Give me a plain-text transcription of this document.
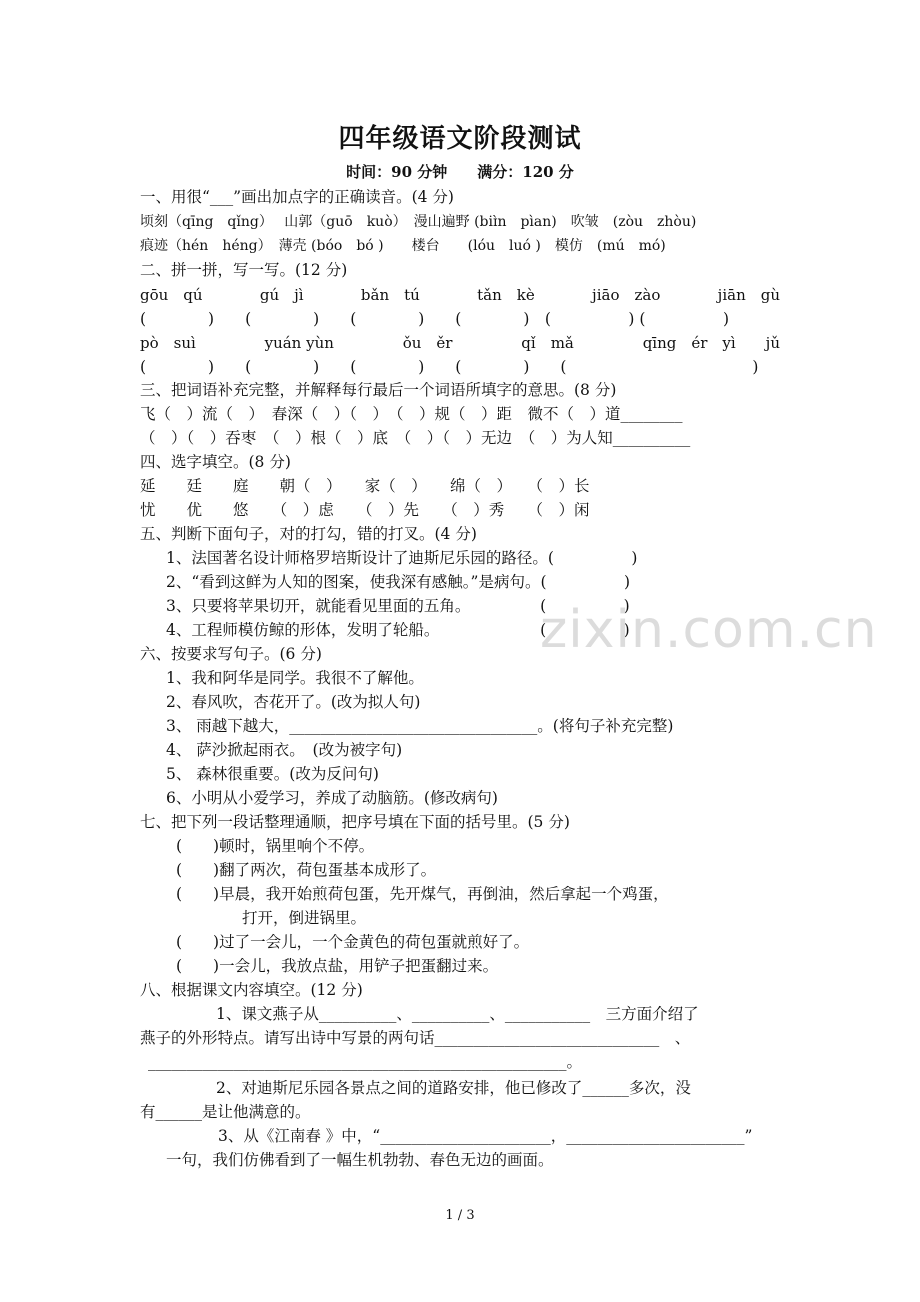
四年级语文阶段测试
时间：90 分钟　　满分：120 分
一、用很“___”画出加点字的正确读音。(4 分)
顷刻（qīng　qǐng）　 山郭（guō　kuò）　漫山遍野 (biɪ̀n　pìan)　吹皱　(zòu　zhòu)
痕迹（hén　héng）　薄壳 (bóo　bó )　　楼台　　(lóu　luó )　模仿　(mú　mó)
二、拼一拼，写一写。(12 分)
gōu　qú	gú　jì	bǎn　tú	tǎn　kè	jiāo　zào	jiān　gù
(　　　　)　　(　　　　)　　(　　　　)　　(　　　　)　(　　　　　) (　　　　　)
pò　suì	yuán yùn	ǒu　ěr	qǐ　mǎ	qīng　ér　yì　　jǔ
(　　　　)　　(　　　　)　　(　　　　)　　(　　　　)　　(　　　　　　　　　　　　)
三、把词语补充完整，并解释每行最后一个词语所填字的意思。(8 分)
飞（　）流（　）　春深（　）（　）　（　）规（　）距　微不（　）道________
（　）（　）吞枣　（　）根（　）底　（　）（　）无边　（　）为人知__________
四、选字填空。(8 分)
延　　廷　　庭　　朝（　）　　家（　）　　绵（　）　　（　）长
忧　　优　　悠　　（　）虑　　（　）先　　（　）秀　　（　）闲
五、判断下面句子，对的打勾，错的打叉。(4 分)
1、法国著名设计师格罗培斯设计了迪斯尼乐园的路径。(　　　　　)
2、“看到这鲜为人知的图案，使我深有感触。”是病句。(　　　　　)
3、只要将苹果切开，就能看见里面的五角。　　　　　(　　　　　)
4、工程师模仿鲸的形体，发明了轮船。　　　　　　　(　　　　　)
六、按要求写句子。(6 分)
1、我和阿华是同学。我很不了解他。
2、春风吹，杏花开了。(改为拟人句)
3、 雨越下越大，________________________________。(将句子补充完整)
4、 萨沙掀起雨衣。　(改为被字句)
5、 森林很重要。(改为反问句)
6、小明从小爱学习，养成了动脑筋。(修改病句)
七、把下列一段话整理通顺，把序号填在下面的括号里。(5 分)
(　　)顿时，锅里响个不停。
(　　)翻了两次，荷包蛋基本成形了。
(　　)早晨，我开始煎荷包蛋，先开煤气，再倒油，然后拿起一个鸡蛋，
打开，倒进锅里。
(　　)过了一会儿，一个金黄色的荷包蛋就煎好了。
(　　)一会儿，我放点盐，用铲子把蛋翻过来。
八、根据课文内容填空。(12 分)
1、课文燕子从__________、__________、___________　三方面介绍了
燕子的外形特点。请写出诗中写景的两句话_____________________________　、
______________________________________________________。
2、对迪斯尼乐园各景点之间的道路安排，他已修改了______多次，没
有______是让他满意的。
3、从《江南春 》中，“______________________，_______________________”
一句，我们仿佛看到了一幅生机勃勃、春色无边的画面。
zixin.com.cn
1 / 3
